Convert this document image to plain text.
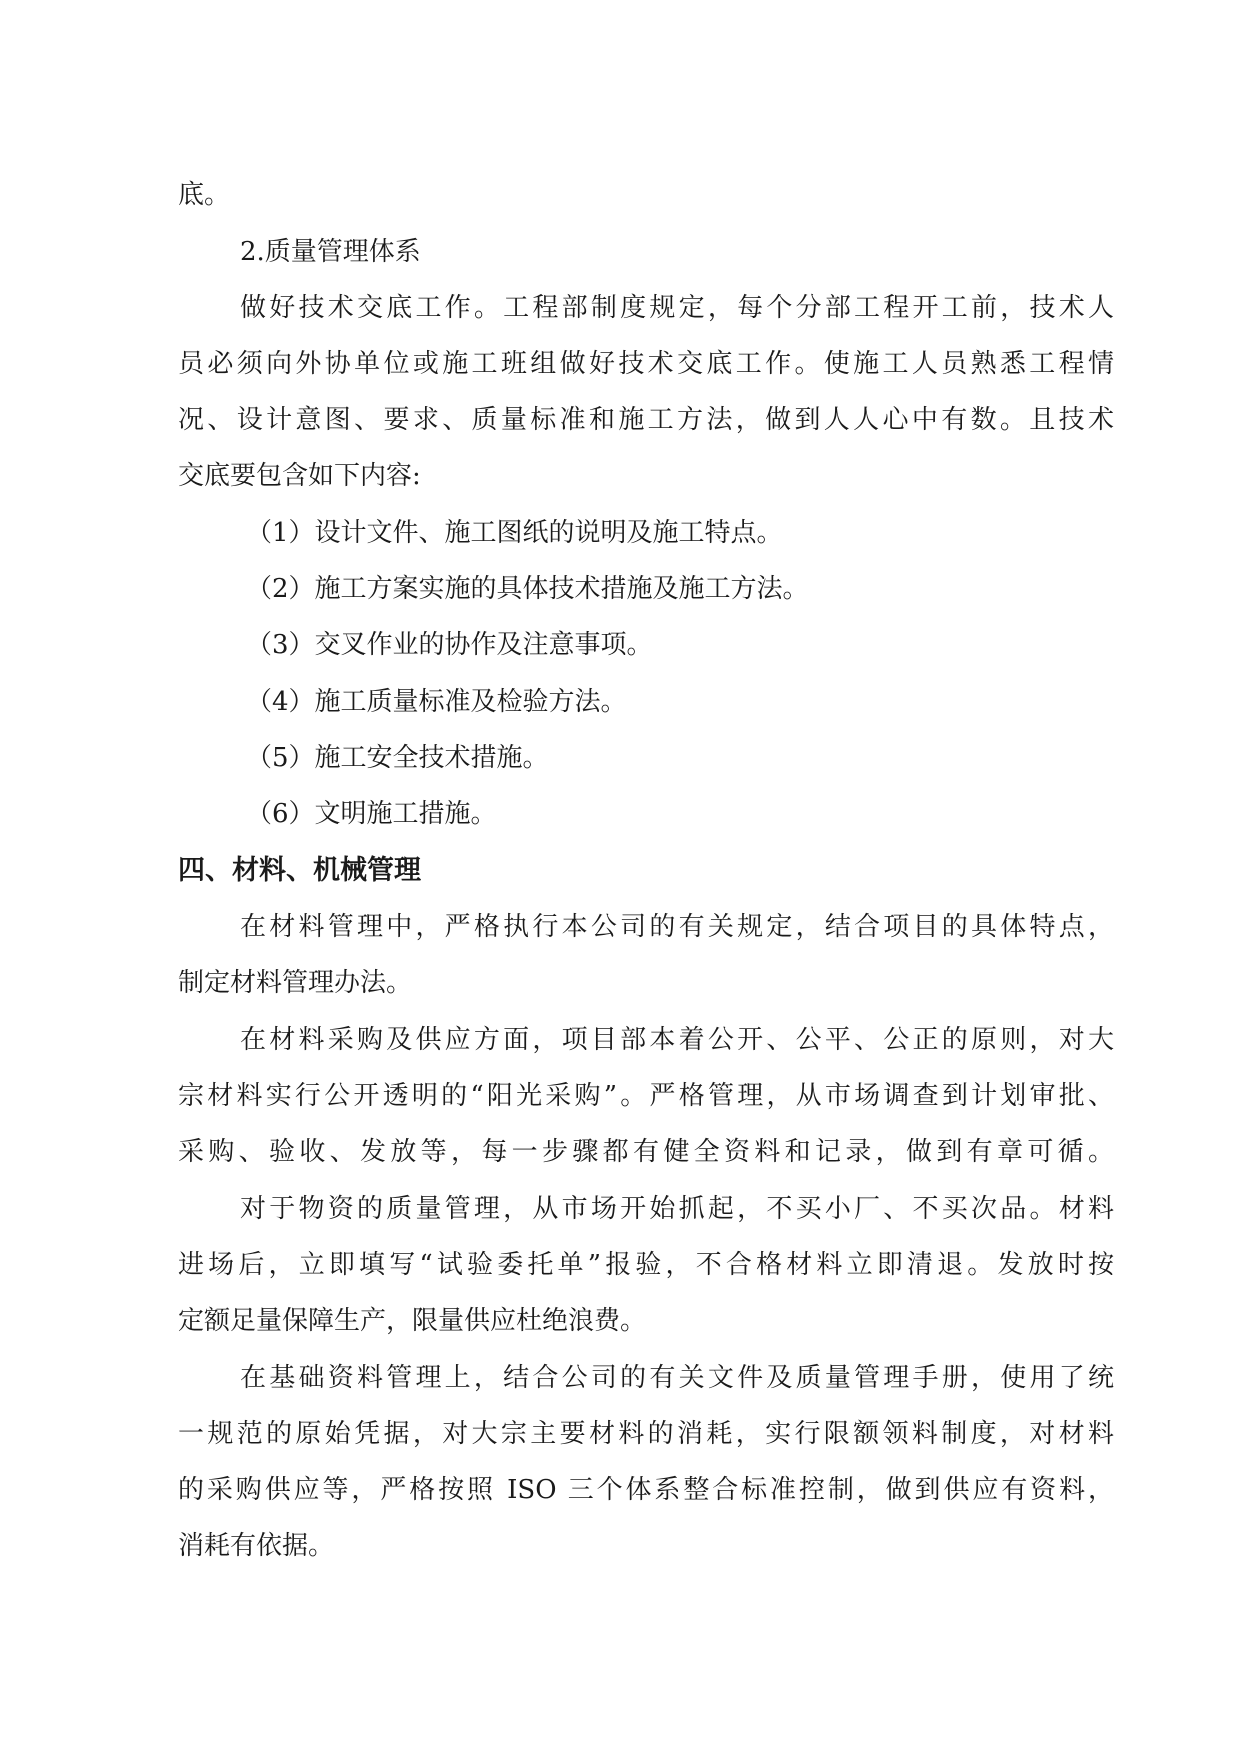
底。
2.质量管理体系
做好技术交底工作。工程部制度规定，每个分部工程开工前，技术人
员必须向外协单位或施工班组做好技术交底工作。使施工人员熟悉工程情
况、设计意图、要求、质量标准和施工方法，做到人人心中有数。且技术
交底要包含如下内容:
（1）设计文件、施工图纸的说明及施工特点。
（2）施工方案实施的具体技术措施及施工方法。
（3）交叉作业的协作及注意事项。
（4）施工质量标准及检验方法。
（5）施工安全技术措施。
（6）文明施工措施。
四、材料、机械管理
在材料管理中，严格执行本公司的有关规定，结合项目的具体特点，
制定材料管理办法。
在材料采购及供应方面，项目部本着公开、公平、公正的原则，对大
宗材料实行公开透明的“阳光采购”。严格管理，从市场调查到计划审批、
采购、验收、发放等，每一步骤都有健全资料和记录，做到有章可循。
对于物资的质量管理，从市场开始抓起，不买小厂、不买次品。材料
进场后，立即填写“试验委托单”报验，不合格材料立即清退。发放时按
定额足量保障生产，限量供应杜绝浪费。
在基础资料管理上，结合公司的有关文件及质量管理手册，使用了统
一规范的原始凭据，对大宗主要材料的消耗，实行限额领料制度，对材料
的采购供应等，严格按照 ISO 三个体系整合标准控制，做到供应有资料，
消耗有依据。
